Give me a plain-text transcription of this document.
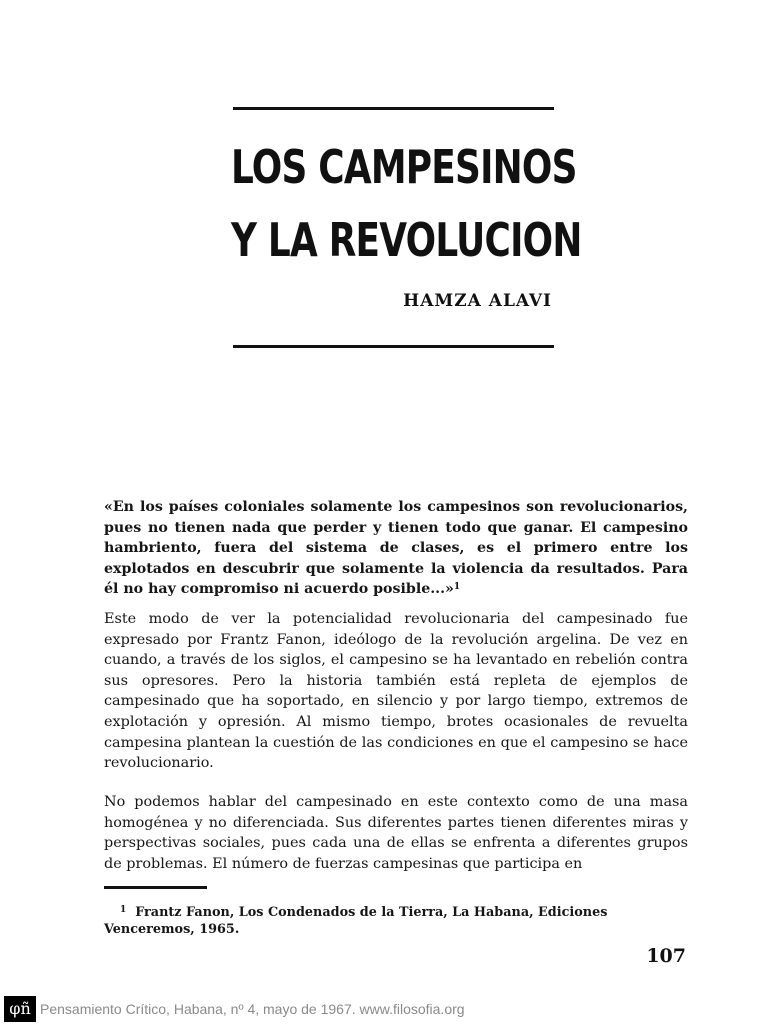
LOS CAMPESINOS
Y LA REVOLUCION
HAMZA ALAVI
«En los países coloniales solamente los campesinos son revolucionarios, pues no tienen nada que perder y tienen todo que ganar. El campesino hambriento, fuera del sistema de clases, es el primero entre los explotados en descubrir que solamente la violencia da resultados. Para él no hay compromiso ni acuerdo posible...»$^1$
Este modo de ver la potencialidad revolucionaria del campesinado fue expresado por Frantz Fanon, ideólogo de la revolución argelina. De vez en cuando, a través de los siglos, el campesino se ha levantado en rebelión contra sus opresores. Pero la historia también está repleta de ejemplos de campesinado que ha soportado, en silencio y por largo tiempo, extremos de explotación y opresión. Al mismo tiempo, brotes ocasionales de revuelta campesina plantean la cuestión de las condiciones en que el campesino se hace revolucionario.
No podemos hablar del campesinado en este contexto como de una masa homogénea y no diferenciada. Sus diferentes partes tienen diferentes miras y perspectivas sociales, pues cada una de ellas se enfrenta a diferentes grupos de problemas. El número de fuerzas campesinas que participa en
$^1$ Frantz Fanon, Los Condenados de la Tierra, La Habana, Ediciones Venceremos, 1965.
107
φñ Pensamiento Crítico, Habana, nº 4, mayo de 1967. www.filosofia.org
